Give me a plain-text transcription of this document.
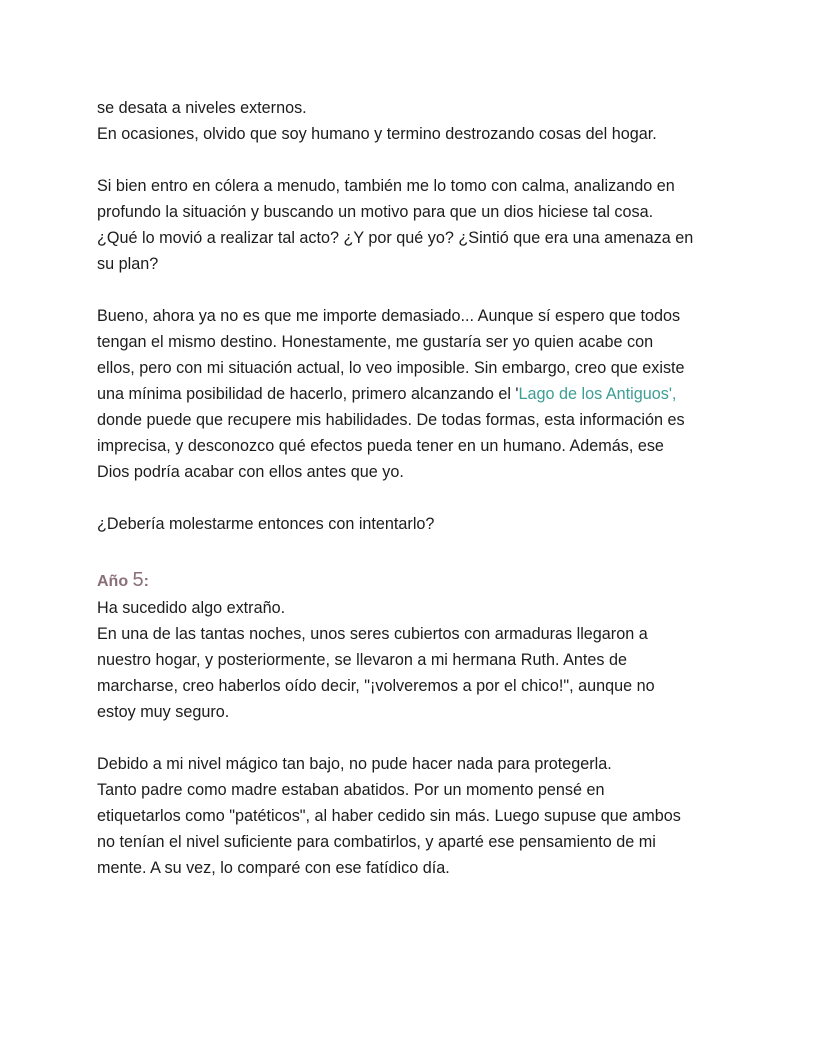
se desata a niveles externos.
En ocasiones, olvido que soy humano y termino destrozando cosas del hogar.
Si bien entro en cólera a menudo, también me lo tomo con calma, analizando en
profundo la situación y buscando un motivo para que un dios hiciese tal cosa.
¿Qué lo movió a realizar tal acto? ¿Y por qué yo? ¿Sintió que era una amenaza en
su plan?
Bueno, ahora ya no es que me importe demasiado... Aunque sí espero que todos
tengan el mismo destino. Honestamente, me gustaría ser yo quien acabe con
ellos, pero con mi situación actual, lo veo imposible. Sin embargo, creo que existe
una mínima posibilidad de hacerlo, primero alcanzando el 'Lago de los Antiguos',
donde puede que recupere mis habilidades. De todas formas, esta información es
imprecisa, y desconozco qué efectos pueda tener en un humano. Además, ese
Dios podría acabar con ellos antes que yo.
¿Debería molestarme entonces con intentarlo?
Año 5:
Ha sucedido algo extraño.
En una de las tantas noches, unos seres cubiertos con armaduras llegaron a
nuestro hogar, y posteriormente, se llevaron a mi hermana Ruth. Antes de
marcharse, creo haberlos oído decir, "¡volveremos a por el chico!", aunque no
estoy muy seguro.
Debido a mi nivel mágico tan bajo, no pude hacer nada para protegerla.
Tanto padre como madre estaban abatidos. Por un momento pensé en
etiquetarlos como "patéticos", al haber cedido sin más. Luego supuse que ambos
no tenían el nivel suficiente para combatirlos, y aparté ese pensamiento de mi
mente. A su vez, lo comparé con ese fatídico día.
